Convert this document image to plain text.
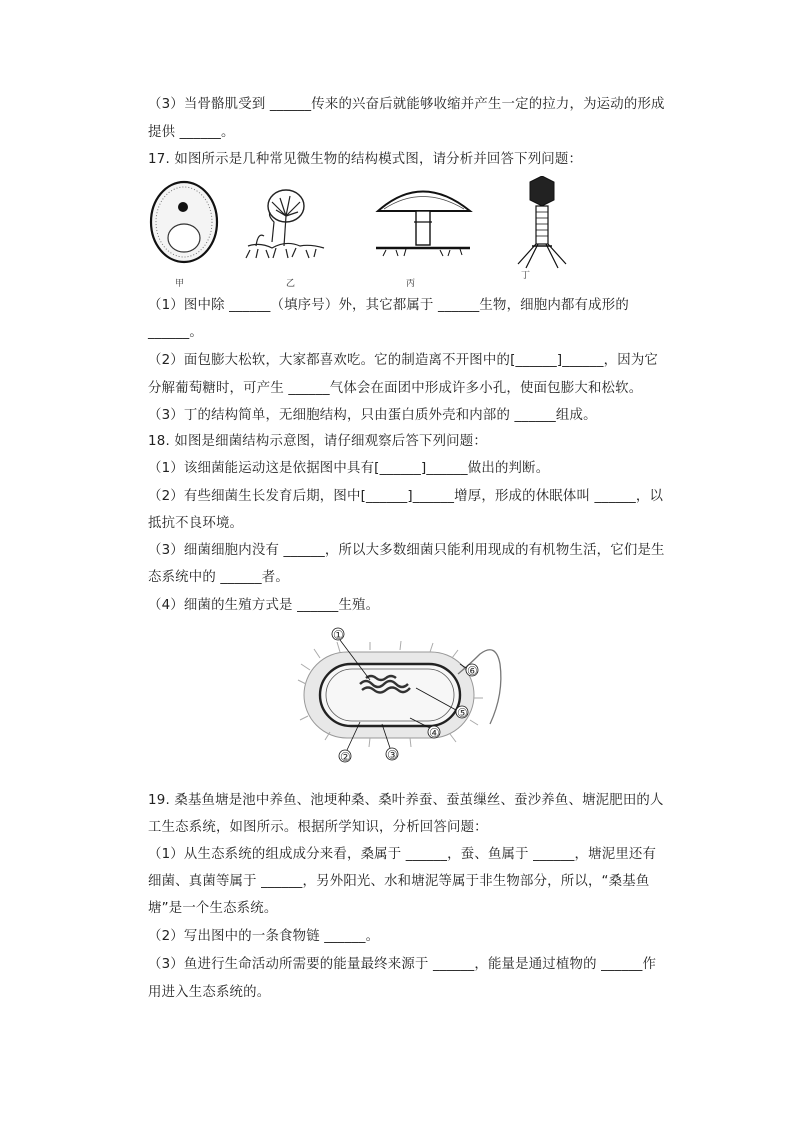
（3）当骨骼肌受到 ______传来的兴奋后就能够收缩并产生一定的拉力，为运动的形成
提供 ______。
17. 如图所示是几种常见微生物的结构模式图，请分析并回答下列问题：
甲	乙	丙
丁
（1）图中除 ______（填序号）外，其它都属于 ______生物，细胞内都有成形的
______。
（2）面包膨大松软，大家都喜欢吃。它的制造离不开图中的[______]______，因为它
分解葡萄糖时，可产生 ______气体会在面团中形成许多小孔，使面包膨大和松软。
（3）丁的结构简单，无细胞结构，只由蛋白质外壳和内部的 ______组成。
18. 如图是细菌结构示意图，请仔细观察后答下列问题：
（1）该细菌能运动这是依据图中具有[______]______做出的判断。
（2）有些细菌生长发育后期，图中[______]______增厚，形成的休眠体叫 ______，以
抵抗不良环境。
（3）细菌细胞内没有 ______，所以大多数细菌只能利用现成的有机物生活，它们是生
态系统中的 ______者。
（4）细菌的生殖方式是 ______生殖。
①
⑥
⑤
④
③
②
19. 桑基鱼塘是池中养鱼、池埂种桑、桑叶养蚕、蚕茧缫丝、蚕沙养鱼、塘泥肥田的人
工生态系统，如图所示。根据所学知识，分析回答问题：
（1）从生态系统的组成成分来看，桑属于 ______，蚕、鱼属于 ______，塘泥里还有
细菌、真菌等属于 ______，另外阳光、水和塘泥等属于非生物部分，所以，“桑基鱼
塘”是一个生态系统。
（2）写出图中的一条食物链 ______。
（3）鱼进行生命活动所需要的能量最终来源于 ______，能量是通过植物的 ______作
用进入生态系统的。
